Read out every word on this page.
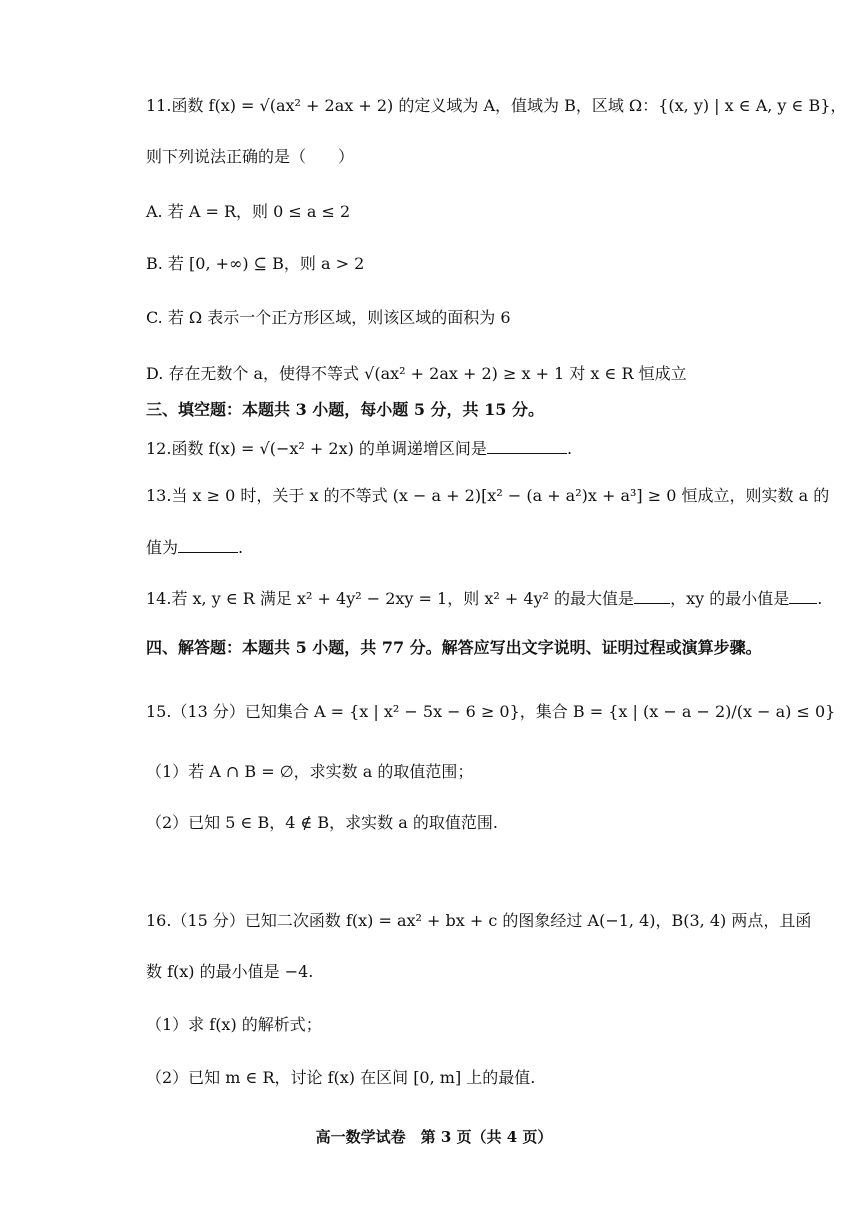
11.函数 f(x) = √(ax² + 2ax + 2) 的定义域为 A，值域为 B，区域 Ω：{(x, y) | x ∈ A, y ∈ B}，
则下列说法正确的是（　　）
A. 若 A = R，则 0 ≤ a ≤ 2
B. 若 [0, +∞) ⊆ B，则 a > 2
C. 若 Ω 表示一个正方形区域，则该区域的面积为 6
D. 存在无数个 a，使得不等式 √(ax² + 2ax + 2) ≥ x + 1 对 x ∈ R 恒成立
三、填空题：本题共 3 小题，每小题 5 分，共 15 分。
12.函数 f(x) = √(−x² + 2x) 的单调递增区间是	.
13.当 x ≥ 0 时，关于 x 的不等式 (x − a + 2)[x² − (a + a²)x + a³] ≥ 0 恒成立，则实数 a 的
值为	.
14.若 x, y ∈ R 满足 x² + 4y² − 2xy = 1，则 x² + 4y² 的最大值是 ，xy 的最小值是 .
四、解答题：本题共 5 小题，共 77 分。解答应写出文字说明、证明过程或演算步骤。
15.（13 分）已知集合 A = {x | x² − 5x − 6 ≥ 0}，集合 B = {x | (x − a − 2)/(x − a) ≤ 0}
（1）若 A ∩ B = ∅，求实数 a 的取值范围；
（2）已知 5 ∈ B，4 ∉ B，求实数 a 的取值范围.
16.（15 分）已知二次函数 f(x) = ax² + bx + c 的图象经过 A(−1, 4)，B(3, 4) 两点，且函
数 f(x) 的最小值是 −4.
（1）求 f(x) 的解析式；
（2）已知 m ∈ R，讨论 f(x) 在区间 [0, m] 上的最值.
高一数学试卷　第 3 页（共 4 页）
